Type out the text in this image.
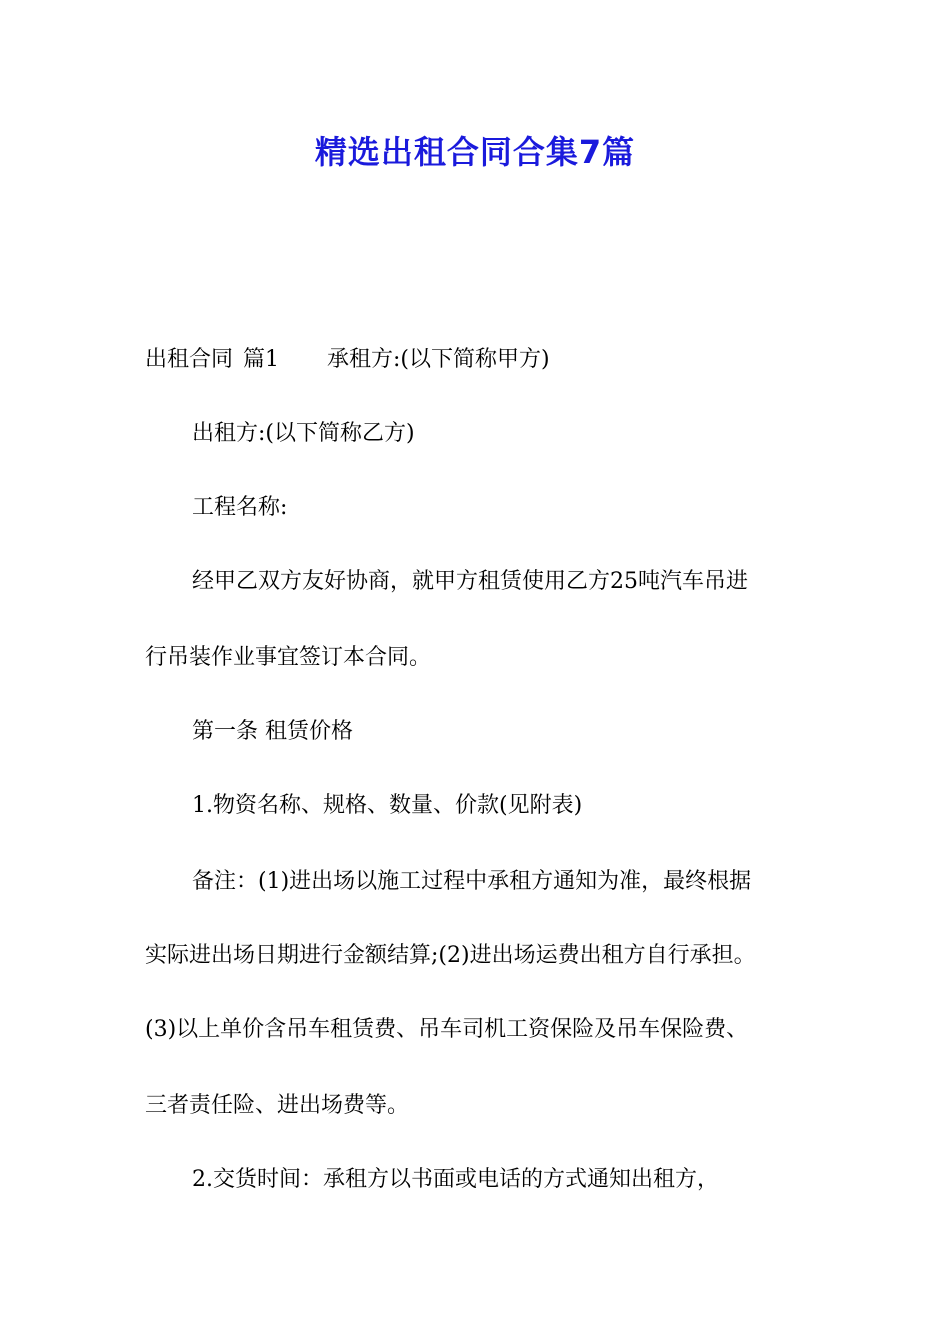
精选出租合同合集7篇
出租合同 篇1 承租方:(以下简称甲方)
出租方:(以下简称乙方)
工程名称:
经甲乙双方友好协商，就甲方租赁使用乙方25吨汽车吊进
行吊装作业事宜签订本合同。
第一条 租赁价格
1.物资名称、规格、数量、价款(见附表)
备注：(1)进出场以施工过程中承租方通知为准，最终根据
实际进出场日期进行金额结算;(2)进出场运费出租方自行承担。
(3)以上单价含吊车租赁费、吊车司机工资保险及吊车保险费、
三者责任险、进出场费等。
2.交货时间：承租方以书面或电话的方式通知出租方，
